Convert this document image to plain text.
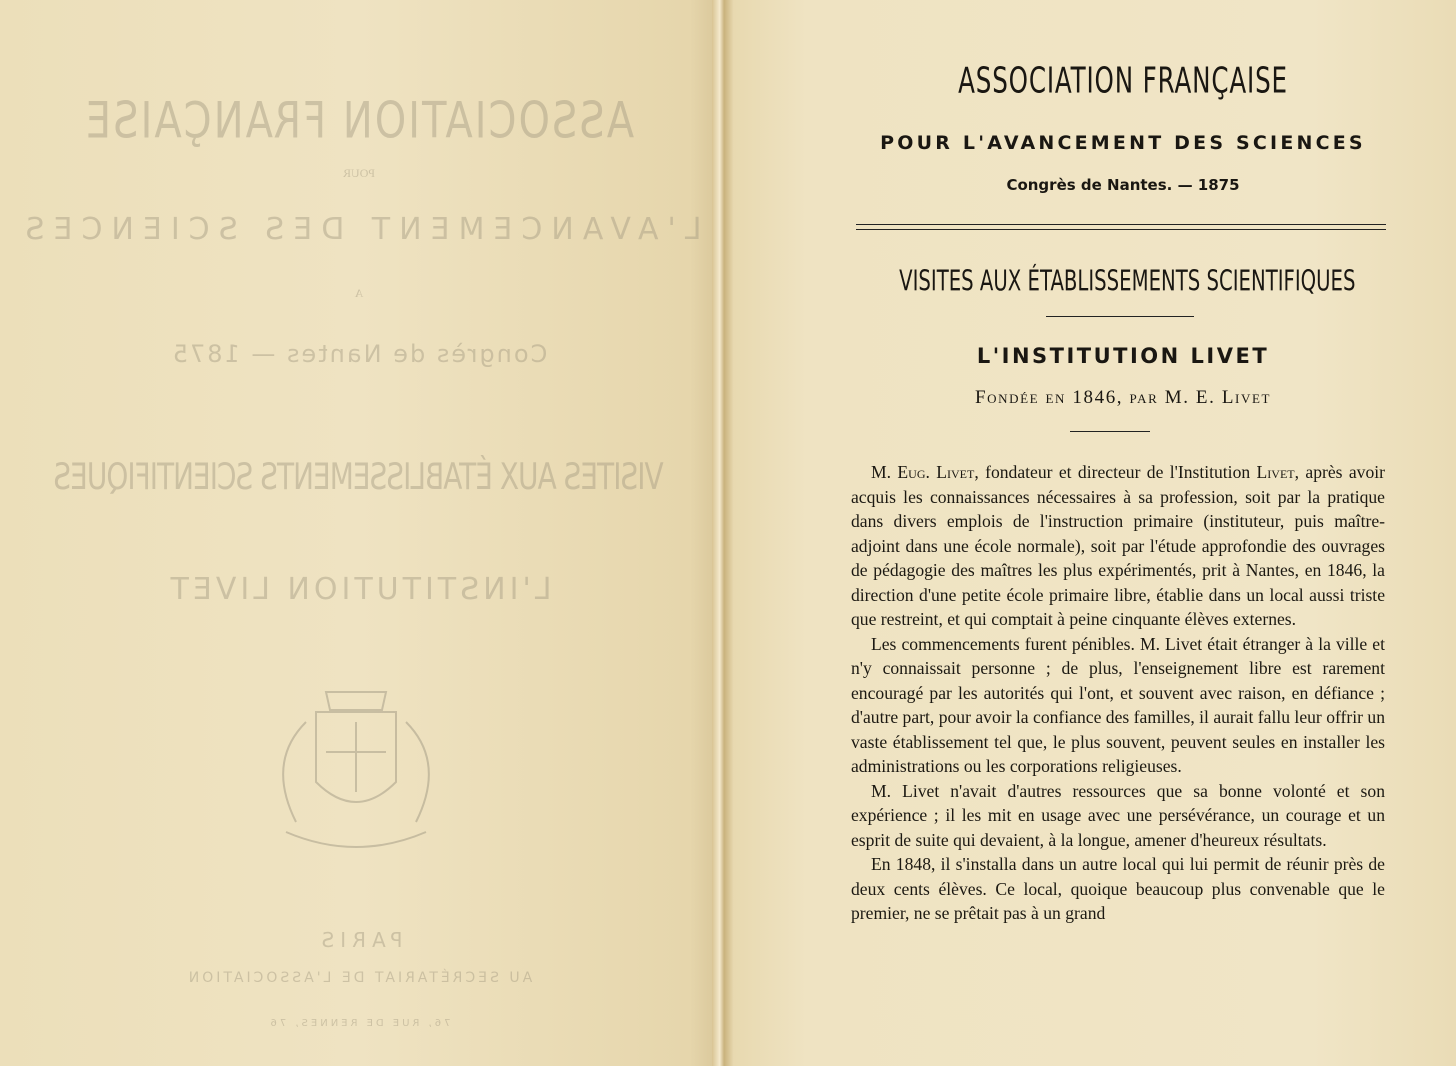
ASSOCIATION FRANÇAISE
POUR
L'AVANCEMENT DES SCIENCES
A
Congrès de Nantes — 1875
VISITES AUX ÉTABLISSEMENTS SCIENTIFIQUES
L'INSTITUTION LIVET
PARIS
AU SECRÉTARIAT DE L'ASSOCIATION
76, RUE DE RENNES, 76
ASSOCIATION FRANÇAISE
POUR L'AVANCEMENT DES SCIENCES
Congrès de Nantes. — 1875
VISITES AUX ÉTABLISSEMENTS SCIENTIFIQUES
L'INSTITUTION LIVET
Fondée en 1846, par M. E. Livet

M. Eug. Livet, fondateur et directeur de l'Institution Livet, après avoir acquis les connaissances nécessaires à sa profession, soit par la pratique dans divers emplois de l'instruction primaire (instituteur, puis maître-adjoint dans une école normale), soit par l'étude approfondie des ouvrages de pédagogie des maîtres les plus expérimentés, prit à Nantes, en 1846, la direction d'une petite école primaire libre, établie dans un local aussi triste que restreint, et qui comptait à peine cinquante élèves externes.

Les commencements furent pénibles. M. Livet était étranger à la ville et n'y connaissait personne ; de plus, l'enseignement libre est rarement encouragé par les autorités qui l'ont, et souvent avec raison, en défiance ; d'autre part, pour avoir la confiance des familles, il aurait fallu leur offrir un vaste établissement tel que, le plus souvent, peuvent seules en installer les administrations ou les corporations religieuses.

M. Livet n'avait d'autres ressources que sa bonne volonté et son expérience ; il les mit en usage avec une persévérance, un courage et un esprit de suite qui devaient, à la longue, amener d'heureux résultats.

En 1848, il s'installa dans un autre local qui lui permit de réunir près de deux cents élèves. Ce local, quoique beaucoup plus convenable que le premier, ne se prêtait pas à un grand
